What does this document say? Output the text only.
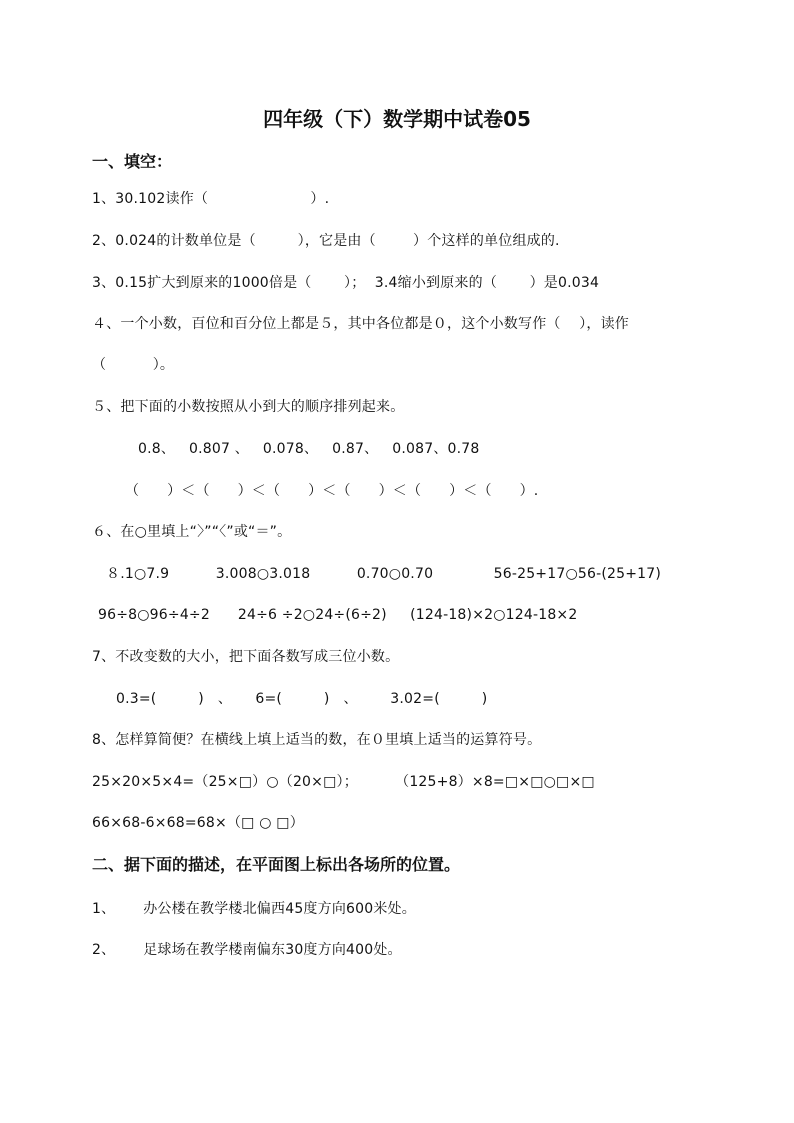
四年级（下）数学期中试卷05
一、填空：
1、30.102读作（                      ）.
2、0.024的计数单位是（         ），它是由（        ）个这样的单位组成的.
3、0.15扩大到原来的1000倍是（       ）；  3.4缩小到原来的（       ）是0.034
４、一个小数，百位和百分位上都是５，其中各位都是０，这个小数写作（    ），读作
（          ）。
５、把下面的小数按照从小到大的顺序排列起来。
0.8、   0.807 、   0.078、   0.87、   0.087、0.78
（      ）＜（      ）＜（      ）＜（      ）＜（      ）＜（      ）.
６、在○里填上“〉”“〈”或“＝”。
８.1○7.9          3.008○3.018          0.70○0.70             56-25+17○56-(25+17)
96÷8○96÷4÷2      24÷6 ÷2○24÷(6÷2)     (124-18)×2○124-18×2
7、不改变数的大小，把下面各数写成三位小数。
0.3=(         )   、     6=(         )   、       3.02=(         )
8、怎样算简便？在横线上填上适当的数，在０里填上适当的运算符号。
25×20×5×4=（25×□）○（20×□）；        （125+8）×8=□×□○□×□
66×68-6×68=68×（□ ○ □）
二、据下面的描述，在平面图上标出各场所的位置。
1、      办公楼在教学楼北偏西45度方向600米处。
2、      足球场在教学楼南偏东30度方向400处。
